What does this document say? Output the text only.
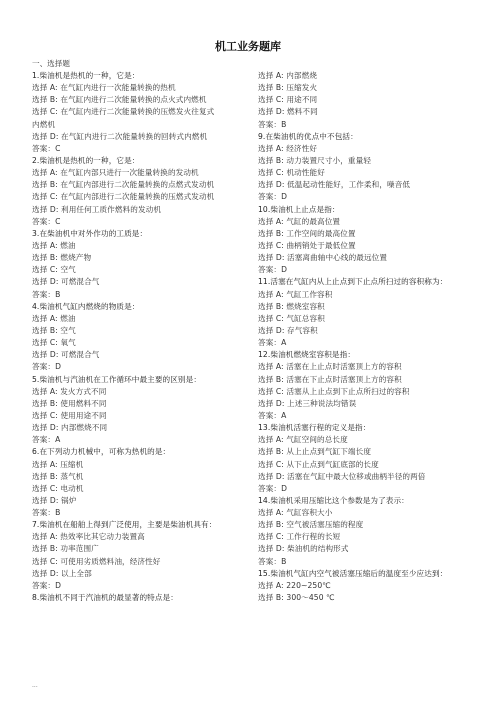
机工业务题库
一、选择题
1.柴油机是热机的一种，它是：
选择 A: 在气缸内进行一次能量转换的热机
选择 B: 在气缸内进行二次能量转换的点火式内燃机
选择 C: 在气缸内进行二次能量转换的压燃发火往复式
内燃机
选择 D: 在气缸内进行二次能量转换的回转式内燃机
答案：C
2.柴油机是热机的一种，它是：
选择 A: 在气缸内部只进行一次能量转换的发动机
选择 B: 在气缸内部进行二次能量转换的点燃式发动机
选择 C: 在气缸内部进行二次能量转换的压燃式发动机
选择 D: 利用任何工质作燃料的发动机
答案：C
3.在柴油机中对外作功的工质是：
选择 A: 燃油
选择 B: 燃烧产物
选择 C: 空气
选择 D: 可燃混合气
答案：B
4.柴油机气缸内燃烧的物质是：
选择 A: 燃油
选择 B: 空气
选择 C: 氧气
选择 D: 可燃混合气
答案：D
5.柴油机与汽油机在工作循环中最主要的区别是：
选择 A: 发火方式不同
选择 B: 使用燃料不同
选择 C: 使用用途不同
选择 D: 内部燃烧不同
答案：A
6.在下列动力机械中，可称为热机的是：
选择 A: 压缩机
选择 B: 蒸气机
选择 C: 电动机
选择 D: 锅炉
答案：B
7.柴油机在船舶上得到广泛使用，主要是柴油机具有：
选择 A: 热效率比其它动力装置高
选择 B: 功率范围广
选择 C: 可使用劣质燃料油，经济性好
选择 D: 以上全部
答案：D
8.柴油机不同于汽油机的最显著的特点是：
选择 A: 内部燃烧
选择 B: 压缩发火
选择 C: 用途不同
选择 D: 燃料不同
答案：B
9.在柴油机的优点中不包括：
选择 A: 经济性好
选择 B: 动力装置尺寸小，重量轻
选择 C: 机动性能好
选择 D: 低温起动性能好，工作柔和，噪音低
答案：D
10.柴油机上止点是指：
选择 A: 气缸的最高位置
选择 B: 工作空间的最高位置
选择 C: 曲柄销处于最低位置
选择 D: 活塞离曲轴中心线的最远位置
答案：D
11.活塞在气缸内从上止点到下止点所扫过的容积称为：
选择 A: 气缸工作容积
选择 B: 燃烧室容积
选择 C: 气缸总容积
选择 D: 存气容积
答案：A
12.柴油机燃烧室容积是指：
选择 A: 活塞在上止点时活塞顶上方的容积
选择 B: 活塞在下止点时活塞顶上方的容积
选择 C: 活塞从上止点到下止点所扫过的容积
选择 D: 上述三种说法均错误
答案：A
13.柴油机活塞行程的定义是指：
选择 A: 气缸空间的总长度
选择 B: 从上止点到气缸下端长度
选择 C: 从下止点到气缸底部的长度
选择 D: 活塞在气缸中最大位移或曲柄半径的两倍
答案：D
14.柴油机采用压缩比这个参数是为了表示：
选择 A: 气缸容积大小
选择 B: 空气被活塞压缩的程度
选择 C: 工作行程的长短
选择 D: 柴油机的结构形式
答案：B
15.柴油机气缸内空气被活塞压缩后的温度至少应达到：
选择 A: 220~250℃
选择 B: 300～450 ℃
...
